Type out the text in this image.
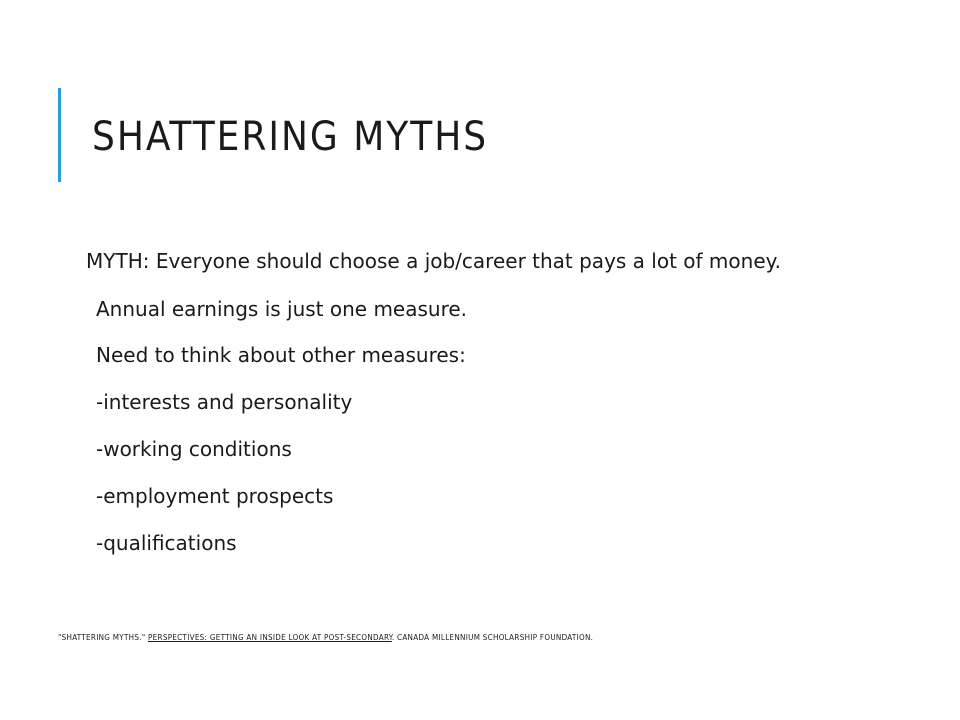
SHATTERING MYTHS
MYTH: Everyone should choose a job/career that pays a lot of money.
Annual earnings is just one measure.
Need to think about other measures:
-interests and personality
-working conditions
-employment prospects
-qualifications
"SHATTERING MYTHS." PERSPECTIVES: GETTING AN INSIDE LOOK AT POST-SECONDARY. CANADA MILLENNIUM SCHOLARSHIP FOUNDATION.
